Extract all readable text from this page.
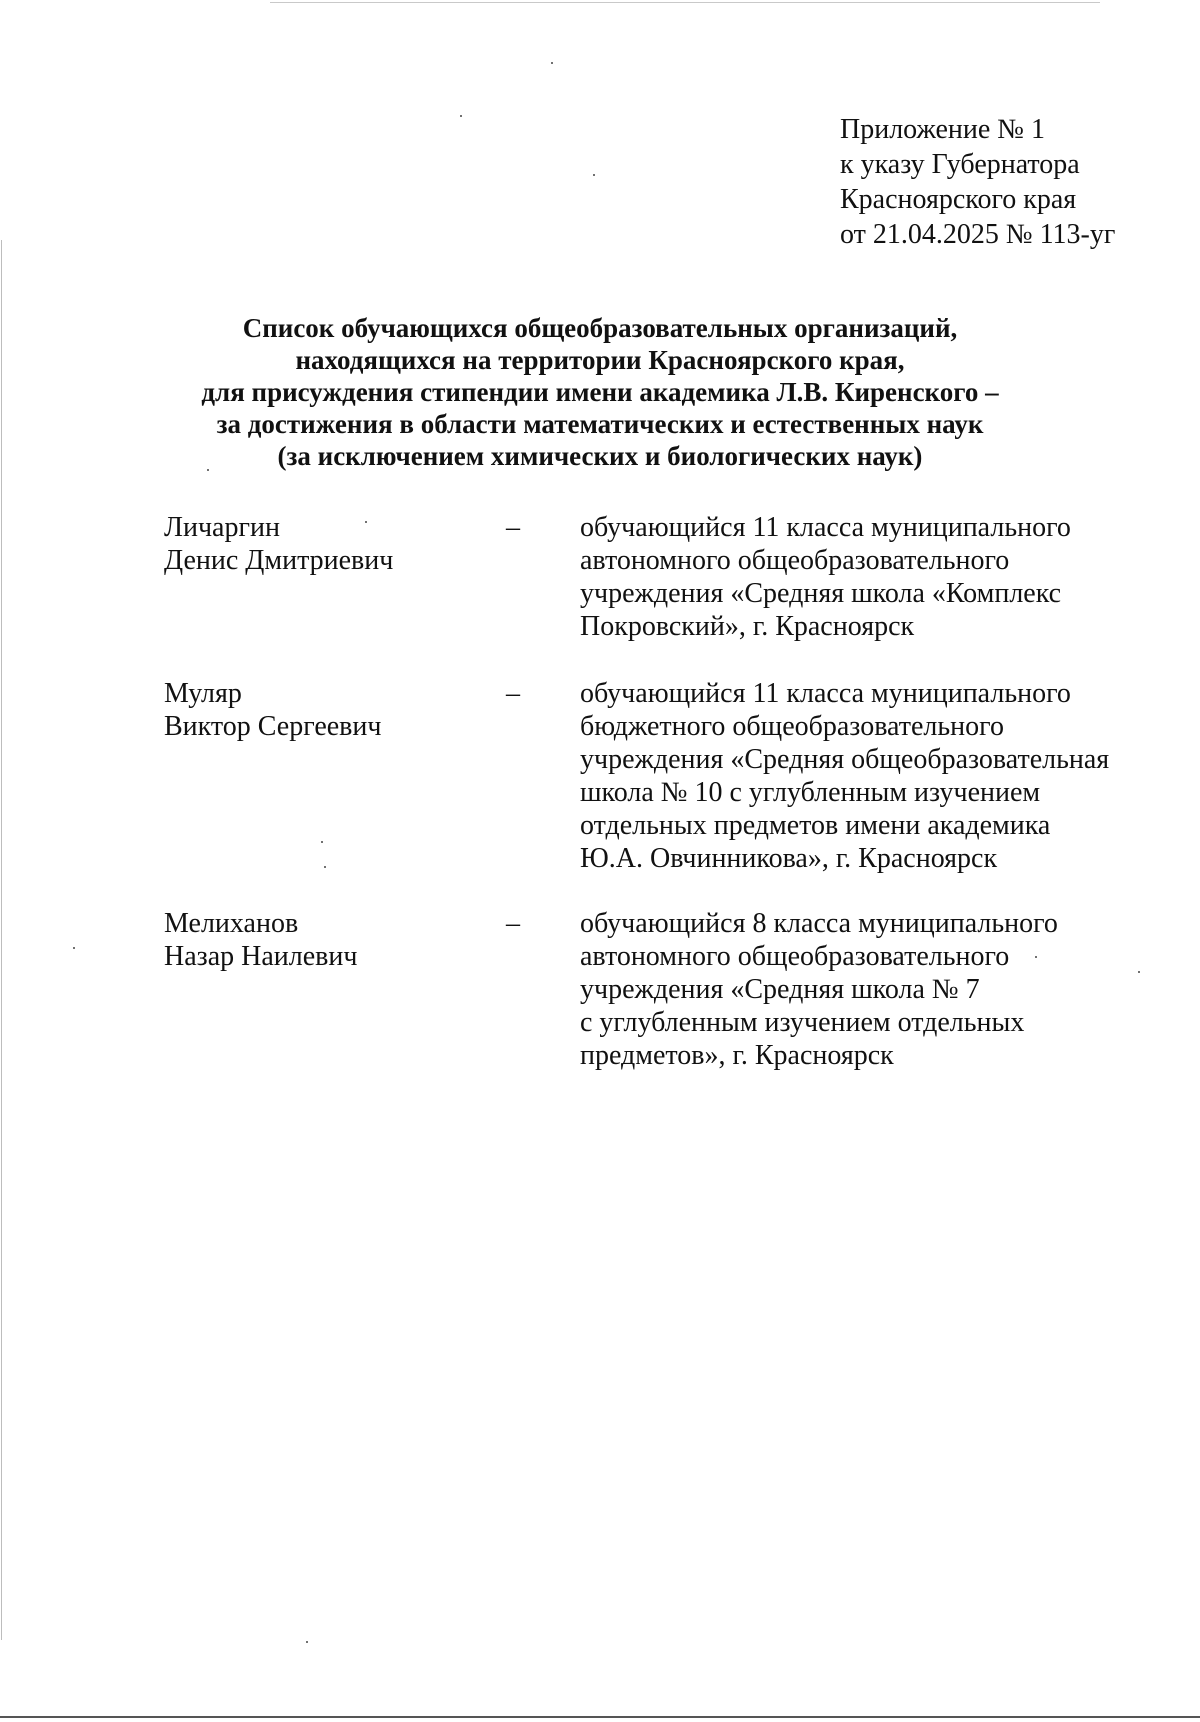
Приложение № 1
к указу Губернатора
Красноярского края
от 21.04.2025 № 113-уг
Список обучающихся общеобразовательных организаций,
находящихся на территории Красноярского края,
для присуждения стипендии имени академика Л.В. Киренского –
за достижения в области математических и естественных наук
(за исключением химических и биологических наук)
Личаргин
Денис Дмитриевич
– обучающийся 11 класса муниципального
автономного общеобразовательного
учреждения «Средняя школа «Комплекс
Покровский», г. Красноярск
Муляр
Виктор Сергеевич
– обучающийся 11 класса муниципального
бюджетного общеобразовательного
учреждения «Средняя общеобразовательная
школа № 10 с углубленным изучением
отдельных предметов имени академика
Ю.А. Овчинникова», г. Красноярск
Мелиханов
Назар Наилевич
– обучающийся 8 класса муниципального
автономного общеобразовательного
учреждения «Средняя школа № 7
с углубленным изучением отдельных
предметов», г. Красноярск
